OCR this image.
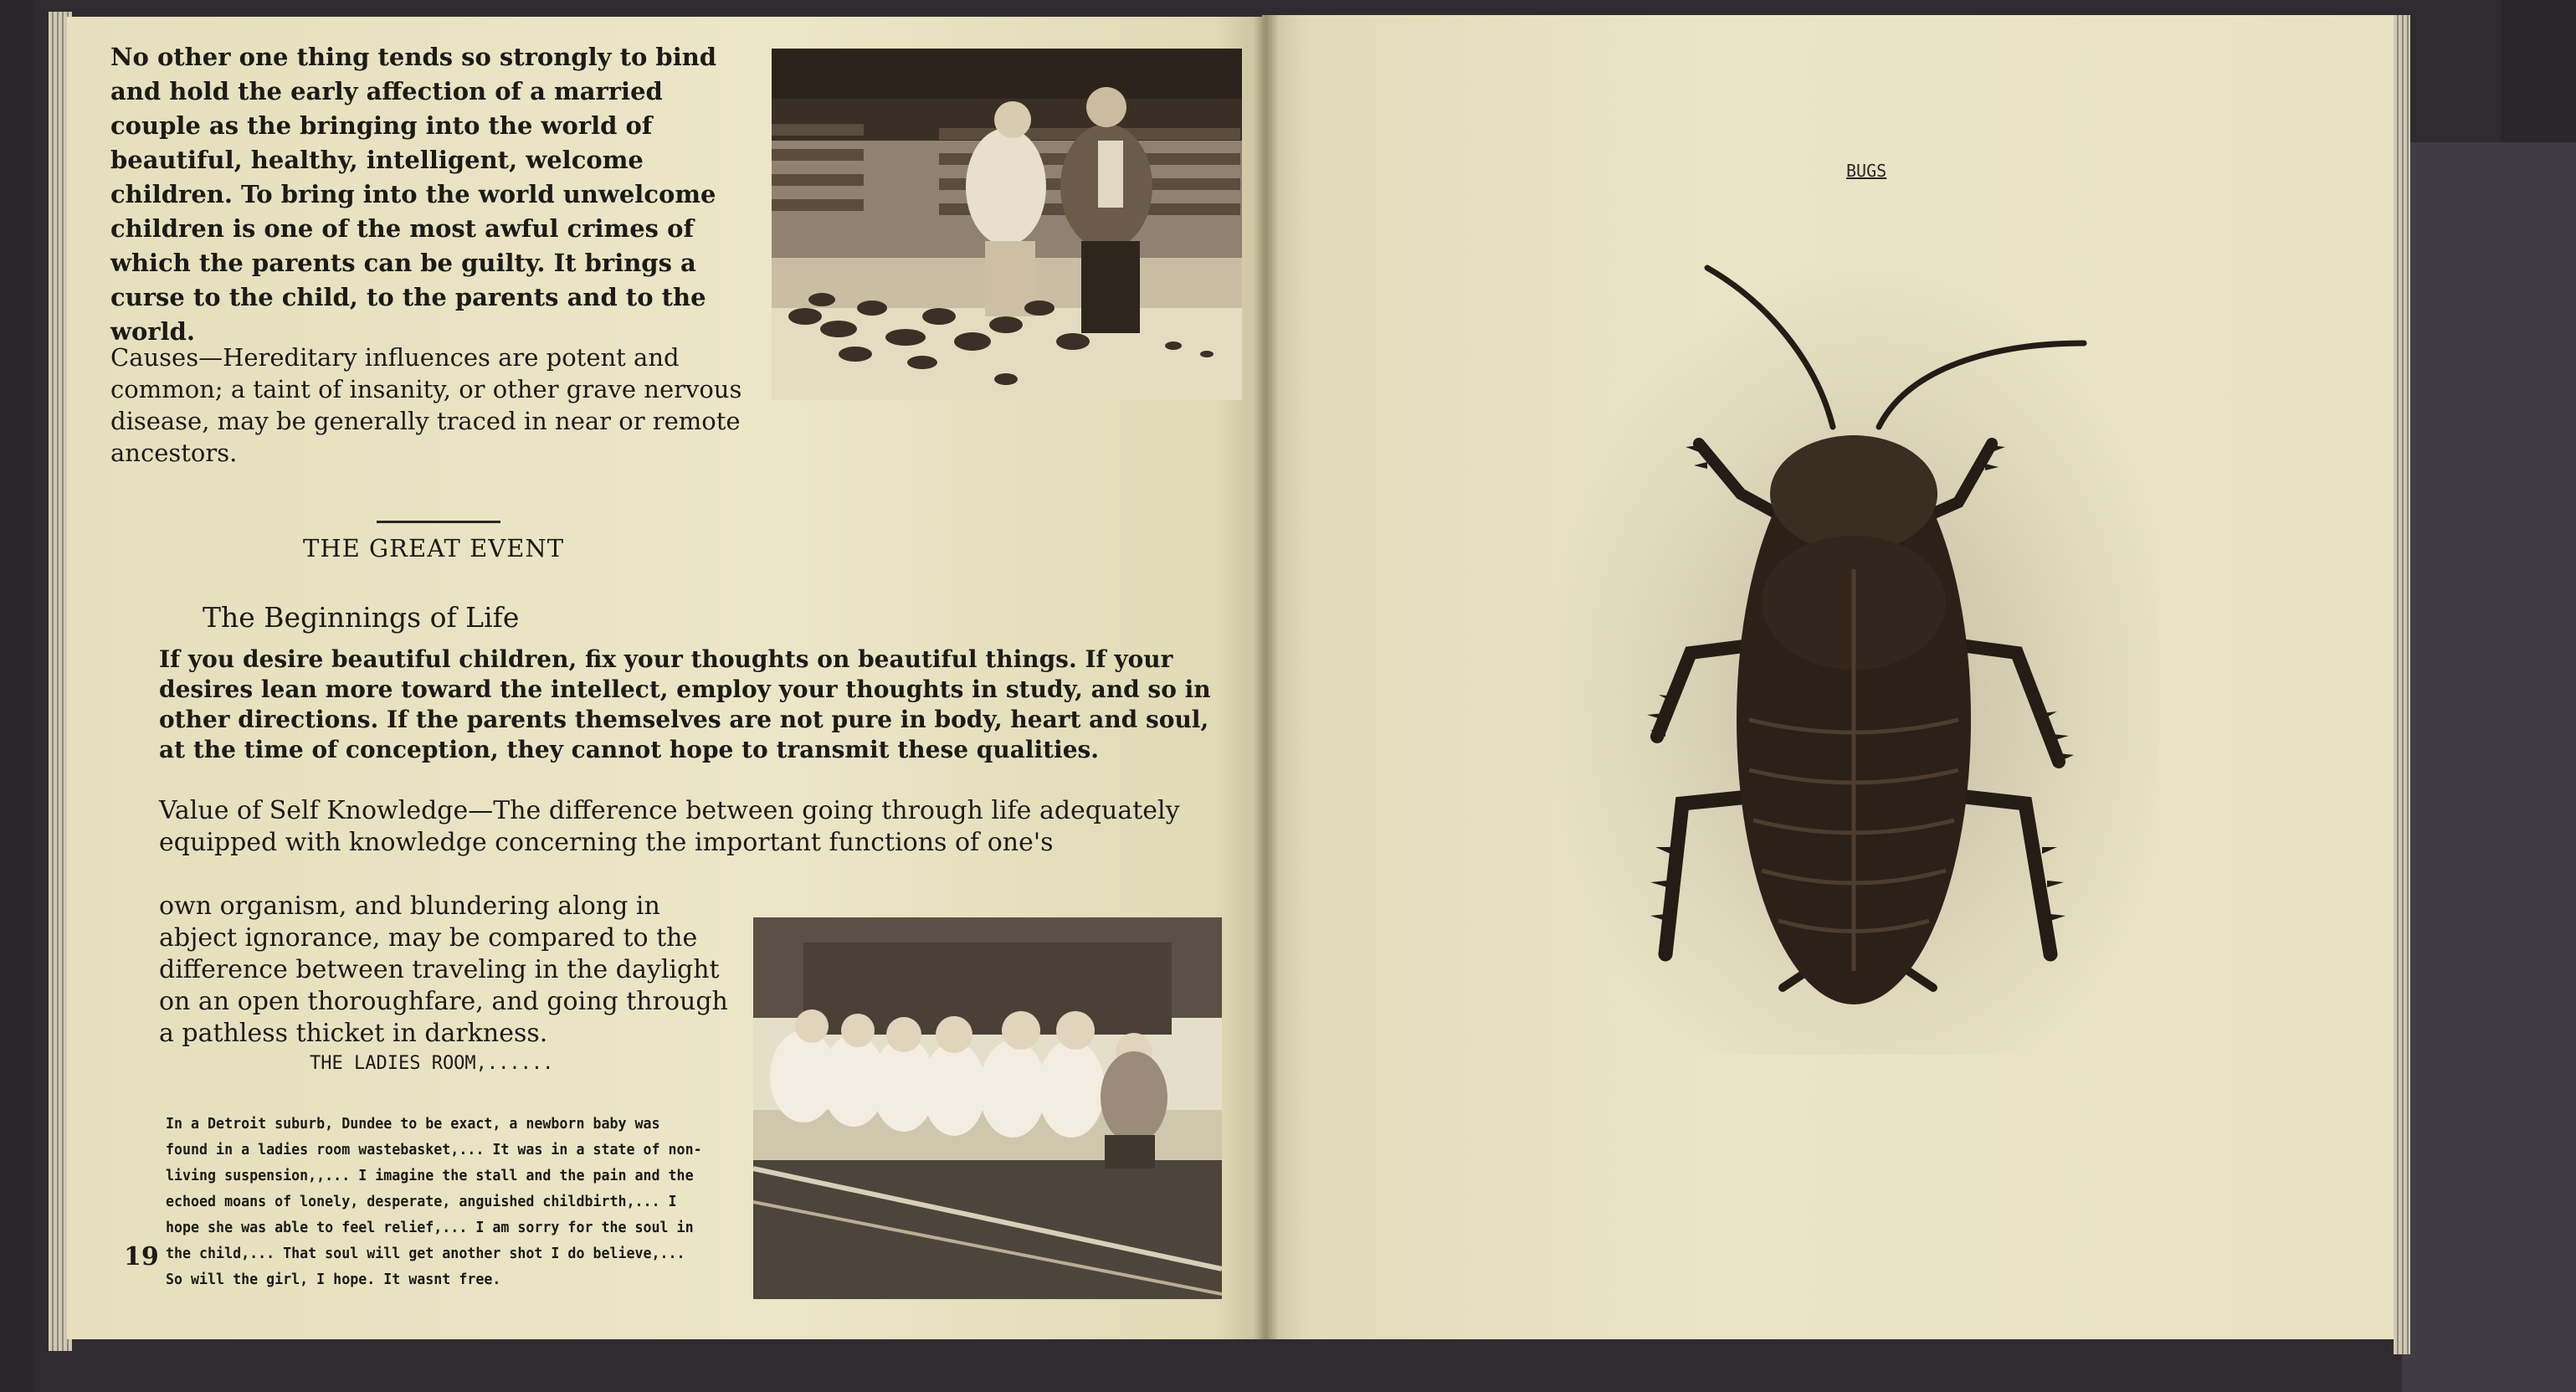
No other one thing tends so strongly to bind and hold the early affection of a married couple as the bringing into the world of beautiful, healthy, intelligent, welcome children. To bring into the world unwelcome children is one of the most awful crimes of which the parents can be guilty. It brings a curse to the child, to the parents and to the world.
Causes—Hereditary influences are potent and common; a taint of insanity, or other grave nervous disease, may be generally traced in near or remote ancestors.
THE GREAT EVENT
The Beginnings of Life
If you desire beautiful children, fix your thoughts on beautiful things. If your desires lean more toward the intellect, employ your thoughts in study, and so in other directions. If the parents themselves are not pure in body, heart and soul, at the time of conception, they cannot hope to transmit these qualities.
Value of Self Knowledge—The difference between going through life adequately equipped with knowledge concerning the important functions of one's
own organism, and blundering along in abject ignorance, may be compared to the difference between traveling in the daylight on an open thoroughfare, and going through a pathless thicket in darkness.
THE LADIES ROOM,......
In a Detroit suburb, Dundee to be exact, a newborn baby was found in a ladies room wastebasket,... It was in a state of non-living suspension,,... I imagine the stall and the pain and the echoed moans of lonely, desperate, anguished childbirth,... I hope she was able to feel relief,... I am sorry for the soul in the child,... That soul will get another shot I do believe,... So will the girl, I hope. It wasnt free.
19
BUGS
